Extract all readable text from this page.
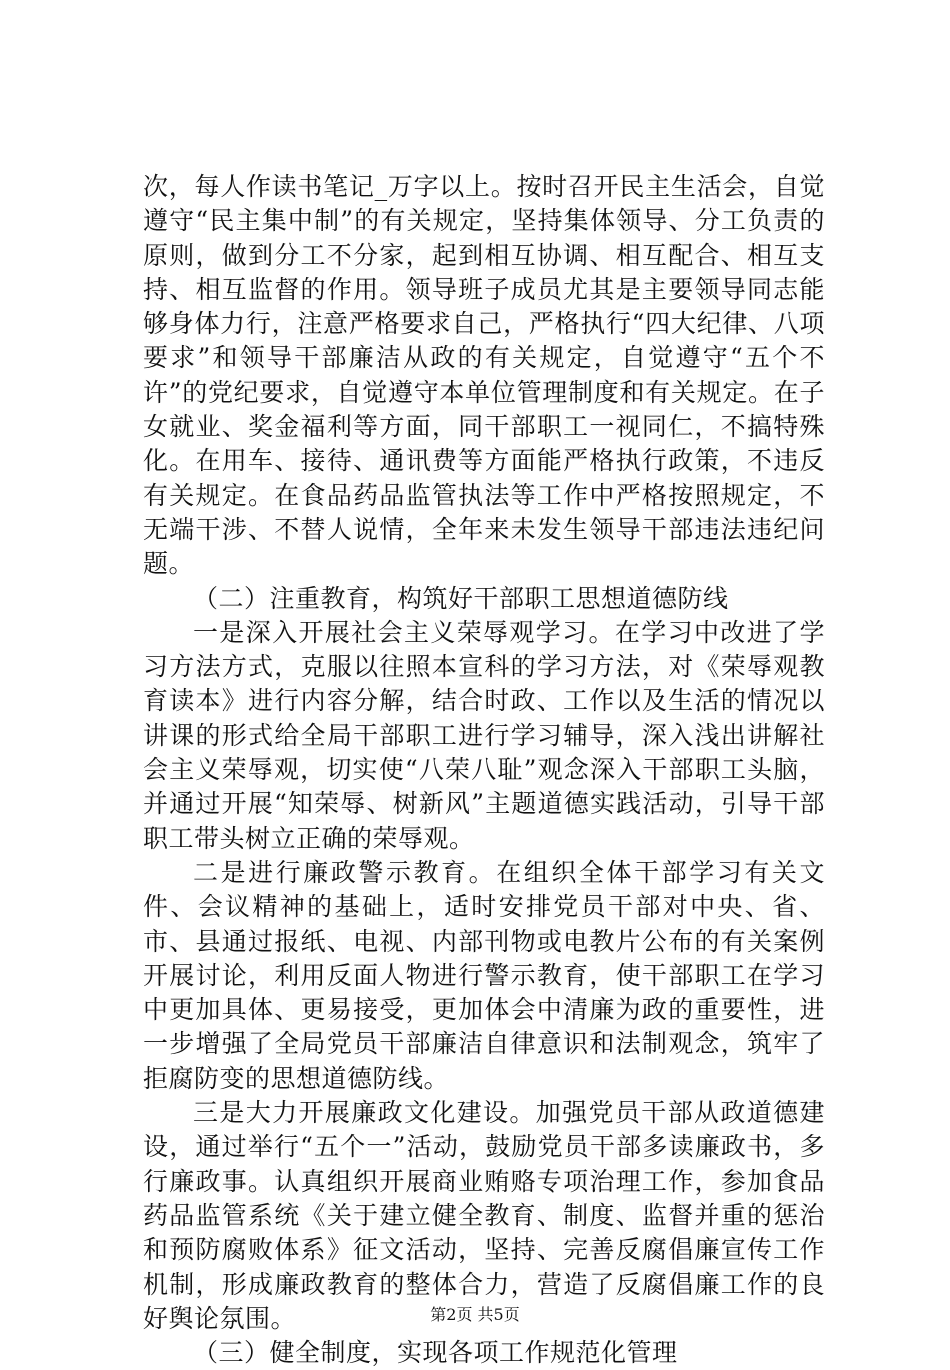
次，每人作读书笔记_万字以上。按时召开民主生活会，自觉遵守“民主集中制”的有关规定，坚持集体领导、分工负责的原则，做到分工不分家，起到相互协调、相互配合、相互支持、相互监督的作用。领导班子成员尤其是主要领导同志能够身体力行，注意严格要求自己，严格执行“四大纪律、八项要求”和领导干部廉洁从政的有关规定，自觉遵守“五个不许”的党纪要求，自觉遵守本单位管理制度和有关规定。在子女就业、奖金福利等方面，同干部职工一视同仁，不搞特殊化。在用车、接待、通讯费等方面能严格执行政策，不违反有关规定。在食品药品监管执法等工作中严格按照规定，不无端干涉、不替人说情，全年来未发生领导干部违法违纪问题。

（二）注重教育，构筑好干部职工思想道德防线

一是深入开展社会主义荣辱观学习。在学习中改进了学习方法方式，克服以往照本宣科的学习方法，对《荣辱观教育读本》进行内容分解，结合时政、工作以及生活的情况以讲课的形式给全局干部职工进行学习辅导，深入浅出讲解社会主义荣辱观，切实使“八荣八耻”观念深入干部职工头脑，并通过开展“知荣辱、树新风”主题道德实践活动，引导干部职工带头树立正确的荣辱观。

二是进行廉政警示教育。在组织全体干部学习有关文件、会议精神的基础上，适时安排党员干部对中央、省、市、县通过报纸、电视、内部刊物或电教片公布的有关案例开展讨论，利用反面人物进行警示教育，使干部职工在学习中更加具体、更易接受，更加体会中清廉为政的重要性，进一步增强了全局党员干部廉洁自律意识和法制观念，筑牢了拒腐防变的思想道德防线。

三是大力开展廉政文化建设。加强党员干部从政道德建设，通过举行“五个一”活动，鼓励党员干部多读廉政书，多行廉政事。认真组织开展商业贿赂专项治理工作，参加食品药品监管系统《关于建立健全教育、制度、监督并重的惩治和预防腐败体系》征文活动，坚持、完善反腐倡廉宣传工作机制，形成廉政教育的整体合力，营造了反腐倡廉工作的良好舆论氛围。

（三）健全制度，实现各项工作规范化管理

第2页 共5页
